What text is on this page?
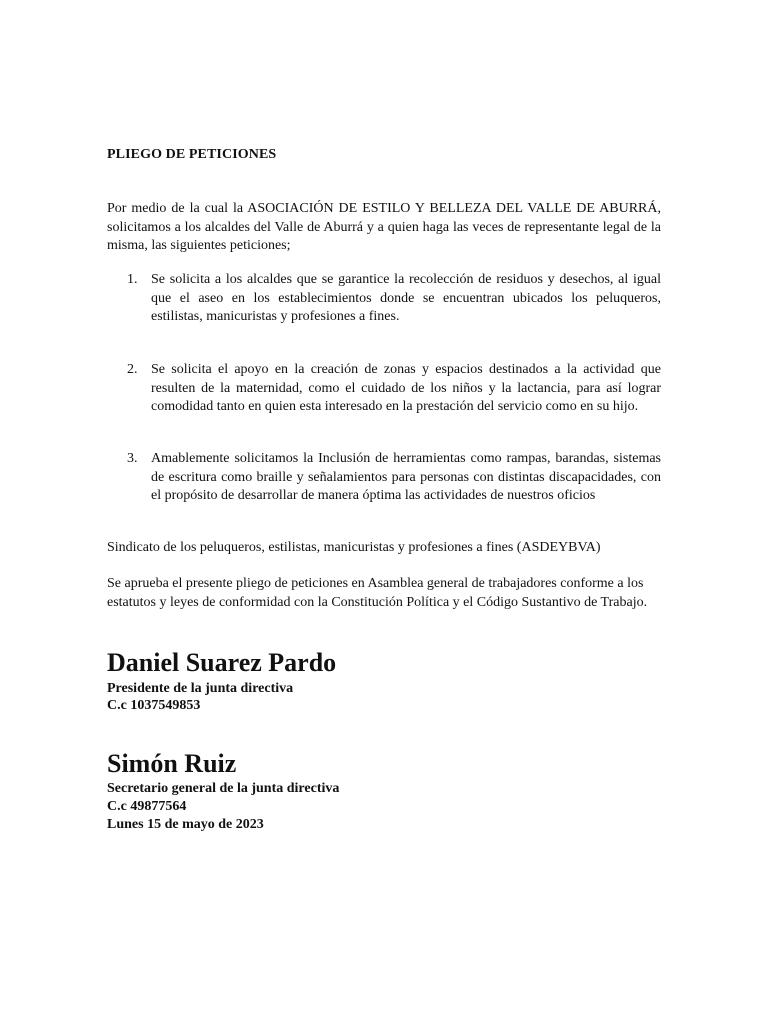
PLIEGO DE PETICIONES

Por medio de la cual la ASOCIACIÓN DE ESTILO Y BELLEZA DEL VALLE DE ABURRÁ, solicitamos a los alcaldes del Valle de Aburrá y a quien haga las veces de representante legal de la misma, las siguientes peticiones;

1. Se solicita a los alcaldes que se garantice la recolección de residuos y desechos, al igual que el aseo en los establecimientos donde se encuentran ubicados los peluqueros, estilistas, manicuristas y profesiones a fines.

2. Se solicita el apoyo en la creación de zonas y espacios destinados a la actividad que resulten de la maternidad, como el cuidado de los niños y la lactancia, para así lograr comodidad tanto en quien esta interesado en la prestación del servicio como en su hijo.

3. Amablemente solicitamos la Inclusión de herramientas como rampas, barandas, sistemas de escritura como braille y señalamientos para personas con distintas discapacidades, con el propósito de desarrollar de manera óptima las actividades de nuestros oficios

Sindicato de los peluqueros, estilistas, manicuristas y profesiones a fines (ASDEYBVA)

Se aprueba el presente pliego de peticiones en Asamblea general de trabajadores conforme a los estatutos y leyes de conformidad con la Constitución Política y el Código Sustantivo de Trabajo.

Daniel Suarez Pardo
Presidente de la junta directiva
C.c 1037549853
Simón Ruiz
Secretario general de la junta directiva
C.c 49877564
Lunes 15 de mayo de 2023
